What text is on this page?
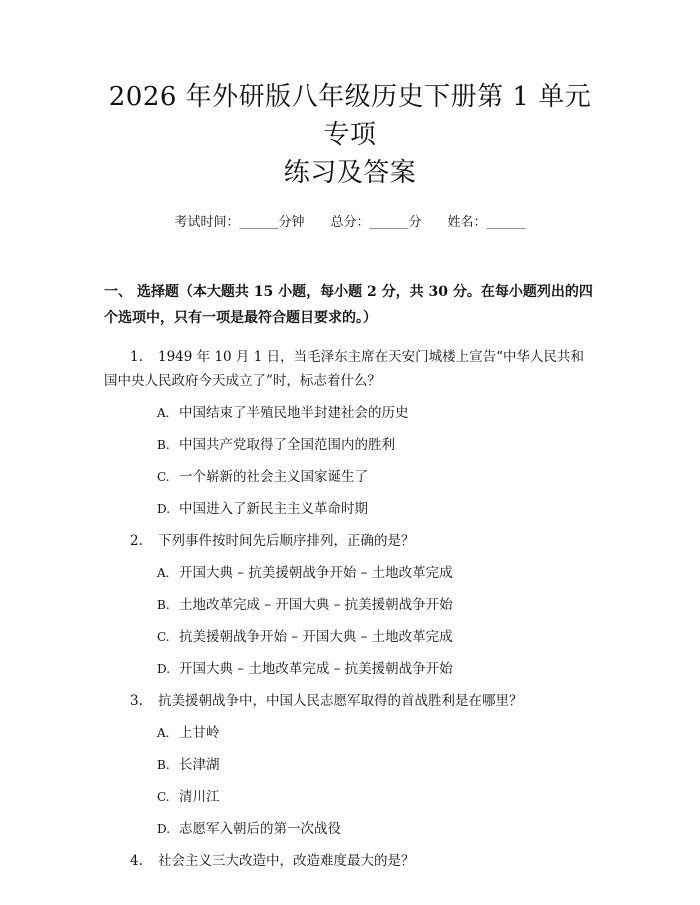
2026 年外研版八年级历史下册第 1 单元专项
练习及答案
考试时间：______分钟 总分：______分 姓名：______
一、 选择题（本大题共 15 小题，每小题 2 分，共 30 分。在每小题列出的四个选项中，只有一项是最符合题目要求的。）
1. 1949 年 10 月 1 日，当毛泽东主席在天安门城楼上宣告“中华人民共和国中央人民政府今天成立了”时，标志着什么？
A. 中国结束了半殖民地半封建社会的历史
B. 中国共产党取得了全国范围内的胜利
C. 一个崭新的社会主义国家诞生了
D. 中国进入了新民主主义革命时期
2. 下列事件按时间先后顺序排列，正确的是？
A. 开国大典 – 抗美援朝战争开始 – 土地改革完成
B. 土地改革完成 – 开国大典 – 抗美援朝战争开始
C. 抗美援朝战争开始 – 开国大典 – 土地改革完成
D. 开国大典 – 土地改革完成 – 抗美援朝战争开始
3. 抗美援朝战争中，中国人民志愿军取得的首战胜利是在哪里？
A. 上甘岭
B. 长津湖
C. 清川江
D. 志愿军入朝后的第一次战役
4. 社会主义三大改造中，改造难度最大的是？
